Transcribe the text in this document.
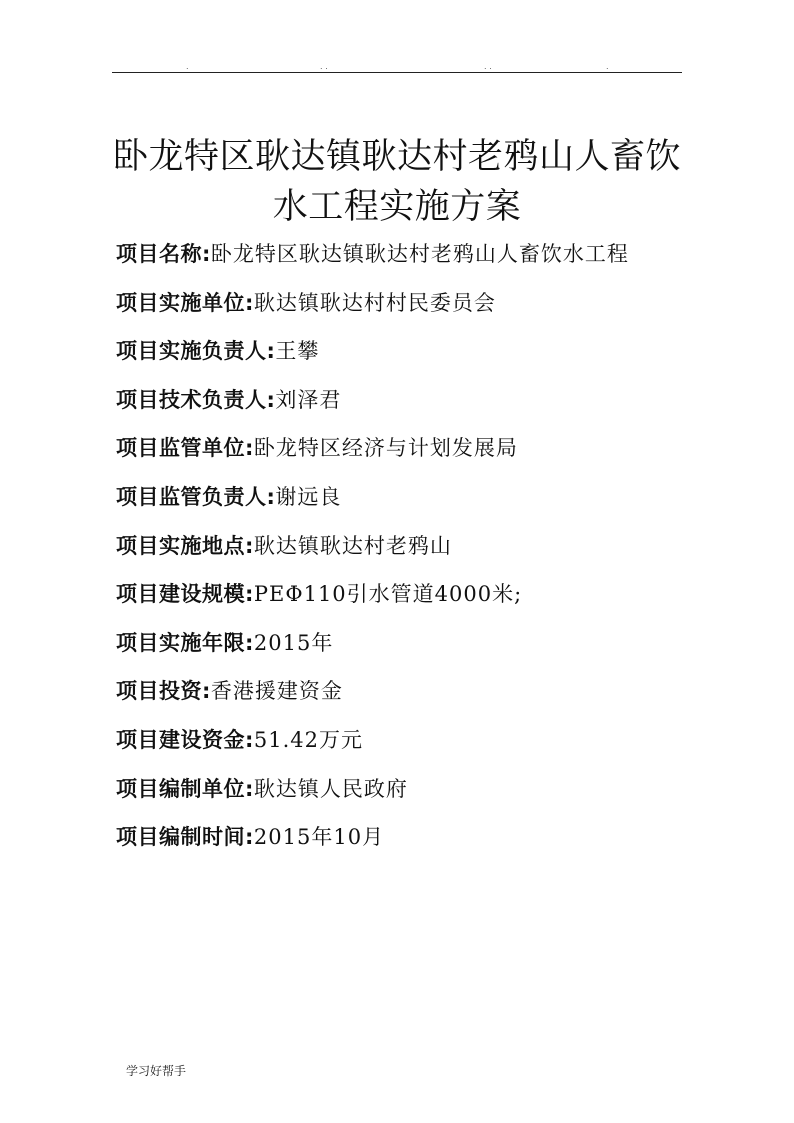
.	. .	. .	.
卧龙特区耿达镇耿达村老鸦山人畜饮
水工程实施方案
项目名称:卧龙特区耿达镇耿达村老鸦山人畜饮水工程
项目实施单位:耿达镇耿达村村民委员会
项目实施负责人:王攀
项目技术负责人:刘泽君
项目监管单位:卧龙特区经济与计划发展局
项目监管负责人:谢远良
项目实施地点:耿达镇耿达村老鸦山
项目建设规模:PEΦ110引水管道4000米;
项目实施年限:2015年
项目投资:香港援建资金
项目建设资金:51.42万元
项目编制单位:耿达镇人民政府
项目编制时间:2015年10月
学习好帮手
